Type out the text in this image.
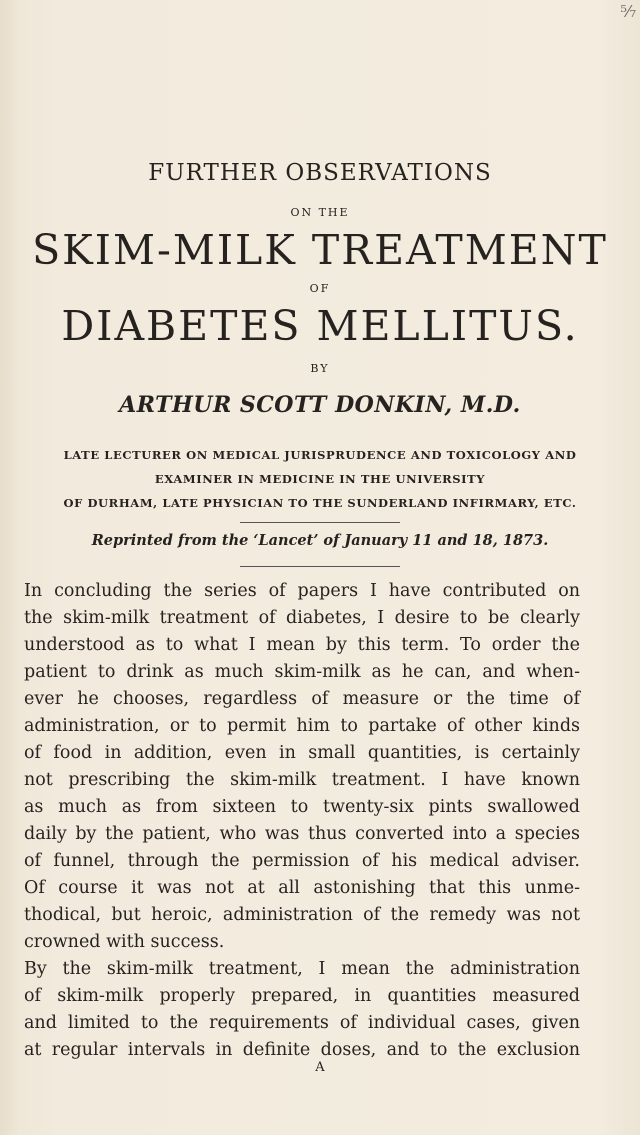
⁵⁄₇
FURTHER OBSERVATIONS
ON THE
SKIM-MILK TREATMENT
OF
DIABETES MELLITUS.
BY
ARTHUR SCOTT DONKIN, M.D.
LATE LECTURER ON MEDICAL JURISPRUDENCE AND TOXICOLOGY AND
EXAMINER IN MEDICINE IN THE UNIVERSITY
OF DURHAM, LATE PHYSICIAN TO THE SUNDERLAND INFIRMARY, ETC.
Reprinted from the ‘Lancet’ of January 11 and 18, 1873.
In concluding the series of papers I have contributed on
the skim-milk treatment of diabetes, I desire to be clearly
understood as to what I mean by this term. To order the
patient to drink as much skim-milk as he can, and when-
ever he chooses, regardless of measure or the time of
administration, or to permit him to partake of other kinds
of food in addition, even in small quantities, is certainly
not prescribing the skim-milk treatment. I have known
as much as from sixteen to twenty-six pints swallowed
daily by the patient, who was thus converted into a species
of funnel, through the permission of his medical adviser.
Of course it was not at all astonishing that this unme-
thodical, but heroic, administration of the remedy was not
crowned with success.
By the skim-milk treatment, I mean the administration
of skim-milk properly prepared, in quantities measured
and limited to the requirements of individual cases, given
at regular intervals in definite doses, and to the exclusion
A
